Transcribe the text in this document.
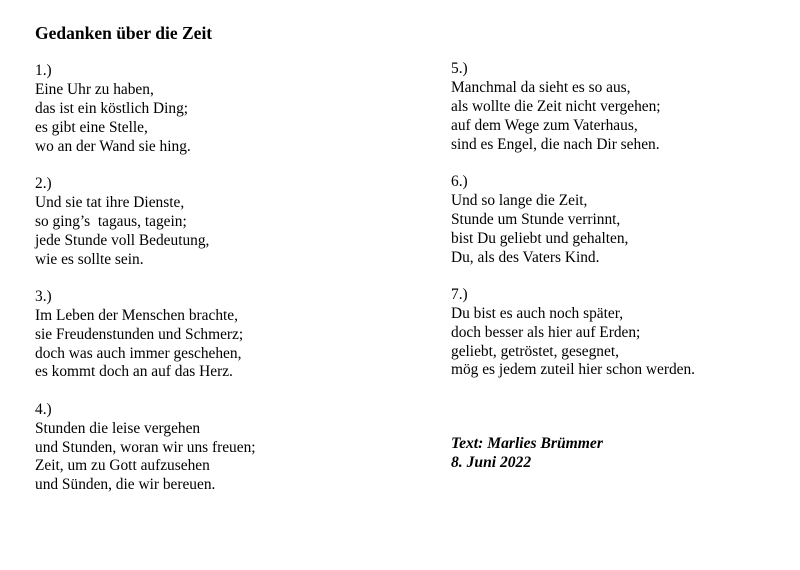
Gedanken über die Zeit
1.)
Eine Uhr zu haben,
das ist ein köstlich Ding;
es gibt eine Stelle,
wo an der Wand sie hing.
2.)
Und sie tat ihre Dienste,
so ging’s  tagaus, tagein;
jede Stunde voll Bedeutung,
wie es sollte sein.
3.)
Im Leben der Menschen brachte,
sie Freudenstunden und Schmerz;
doch was auch immer geschehen,
es kommt doch an auf das Herz.
4.)
Stunden die leise vergehen
und Stunden, woran wir uns freuen;
Zeit, um zu Gott aufzusehen
und Sünden, die wir bereuen.
5.)
Manchmal da sieht es so aus,
als wollte die Zeit nicht vergehen;
auf dem Wege zum Vaterhaus,
sind es Engel, die nach Dir sehen.
6.)
Und so lange die Zeit,
Stunde um Stunde verrinnt,
bist Du geliebt und gehalten,
Du, als des Vaters Kind.
7.)
Du bist es auch noch später,
doch besser als hier auf Erden;
geliebt, getröstet, gesegnet,
mög es jedem zuteil hier schon werden.
Text: Marlies Brümmer
8. Juni 2022
